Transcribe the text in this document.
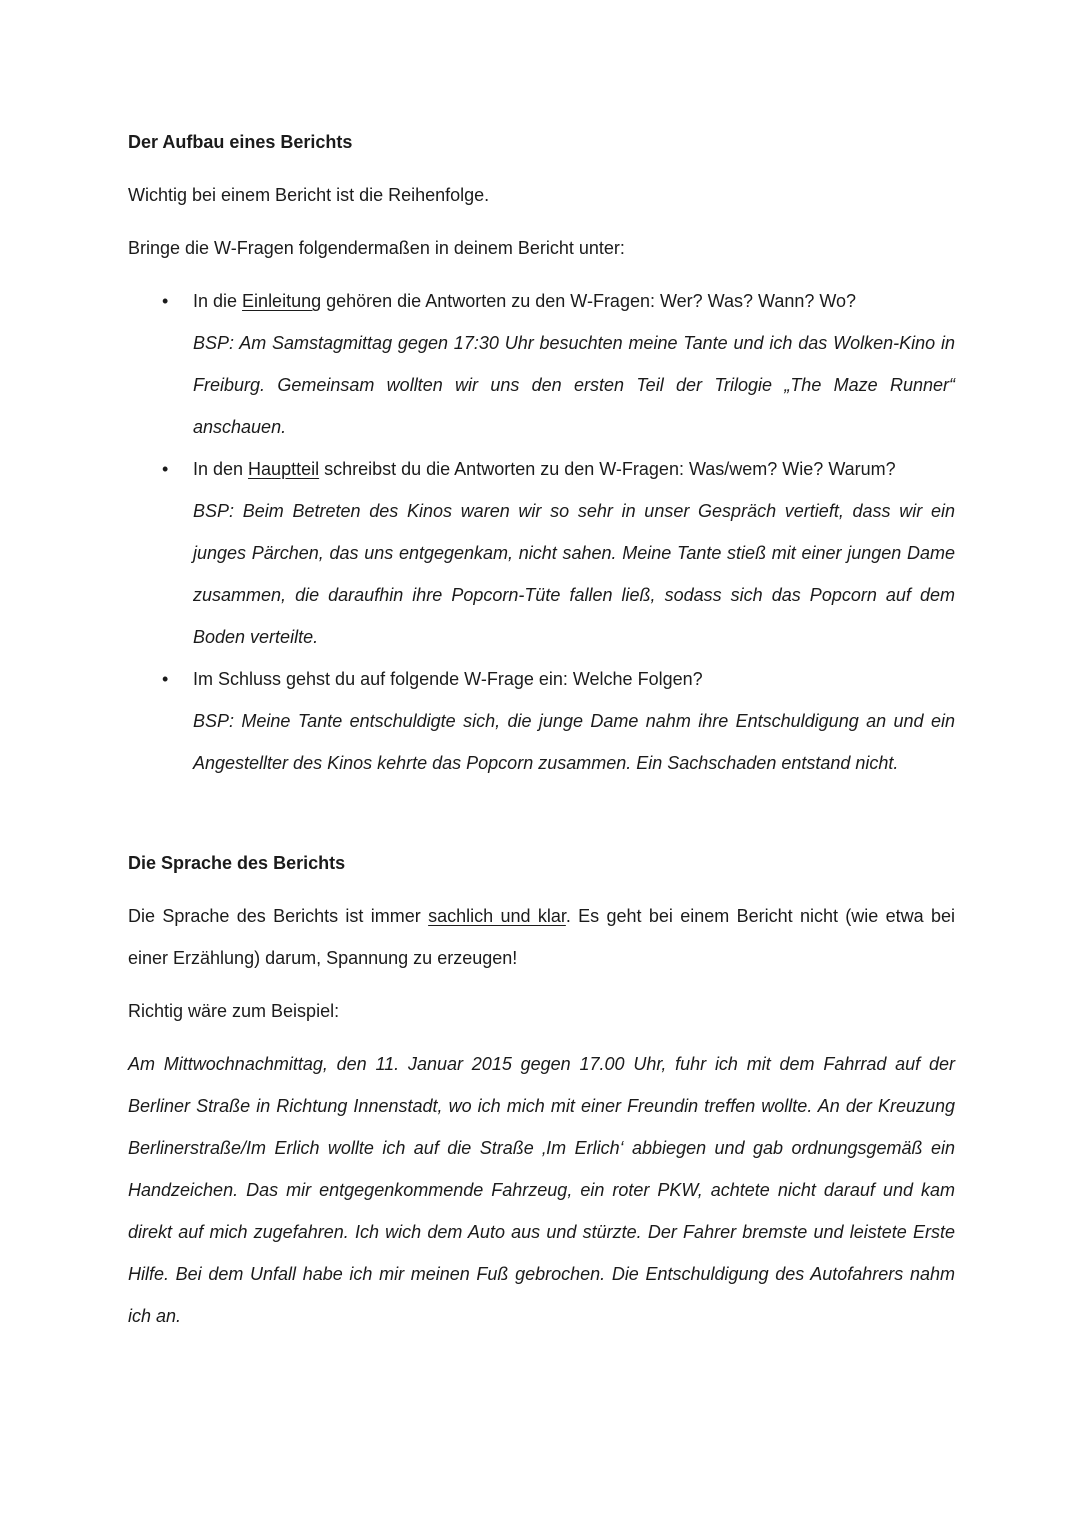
Der Aufbau eines Berichts

Wichtig bei einem Bericht ist die Reihenfolge.

Bringe die W-Fragen folgendermaßen in deinem Bericht unter:

• In die Einleitung gehören die Antworten zu den W-Fragen: Wer? Was? Wann? Wo?

BSP: Am Samstagmittag gegen 17:30 Uhr besuchten meine Tante und ich das Wolken-Kino in Freiburg. Gemeinsam wollten wir uns den ersten Teil der Trilogie „The Maze Runner“ anschauen.

• In den Hauptteil schreibst du die Antworten zu den W-Fragen: Was/wem? Wie? Warum?

BSP: Beim Betreten des Kinos waren wir so sehr in unser Gespräch vertieft, dass wir ein junges Pärchen, das uns entgegenkam, nicht sahen. Meine Tante stieß mit einer jungen Dame zusammen, die daraufhin ihre Popcorn-Tüte fallen ließ, sodass sich das Popcorn auf dem Boden verteilte.

• Im Schluss gehst du auf folgende W-Frage ein: Welche Folgen?

BSP: Meine Tante entschuldigte sich, die junge Dame nahm ihre Entschuldigung an und ein Angestellter des Kinos kehrte das Popcorn zusammen. Ein Sachschaden entstand nicht.

Die Sprache des Berichts

Die Sprache des Berichts ist immer sachlich und klar. Es geht bei einem Bericht nicht (wie etwa bei einer Erzählung) darum, Spannung zu erzeugen!

Richtig wäre zum Beispiel:

Am Mittwochnachmittag, den 11. Januar 2015 gegen 17.00 Uhr, fuhr ich mit dem Fahrrad auf der Berliner Straße in Richtung Innenstadt, wo ich mich mit einer Freundin treffen wollte. An der Kreuzung Berlinerstraße/Im Erlich wollte ich auf die Straße ‚Im Erlich‘ abbiegen und gab ordnungsgemäß ein Handzeichen. Das mir entgegenkommende Fahrzeug, ein roter PKW, achtete nicht darauf und kam direkt auf mich zugefahren. Ich wich dem Auto aus und stürzte. Der Fahrer bremste und leistete Erste Hilfe. Bei dem Unfall habe ich mir meinen Fuß gebrochen. Die Entschuldigung des Autofahrers nahm ich an.
